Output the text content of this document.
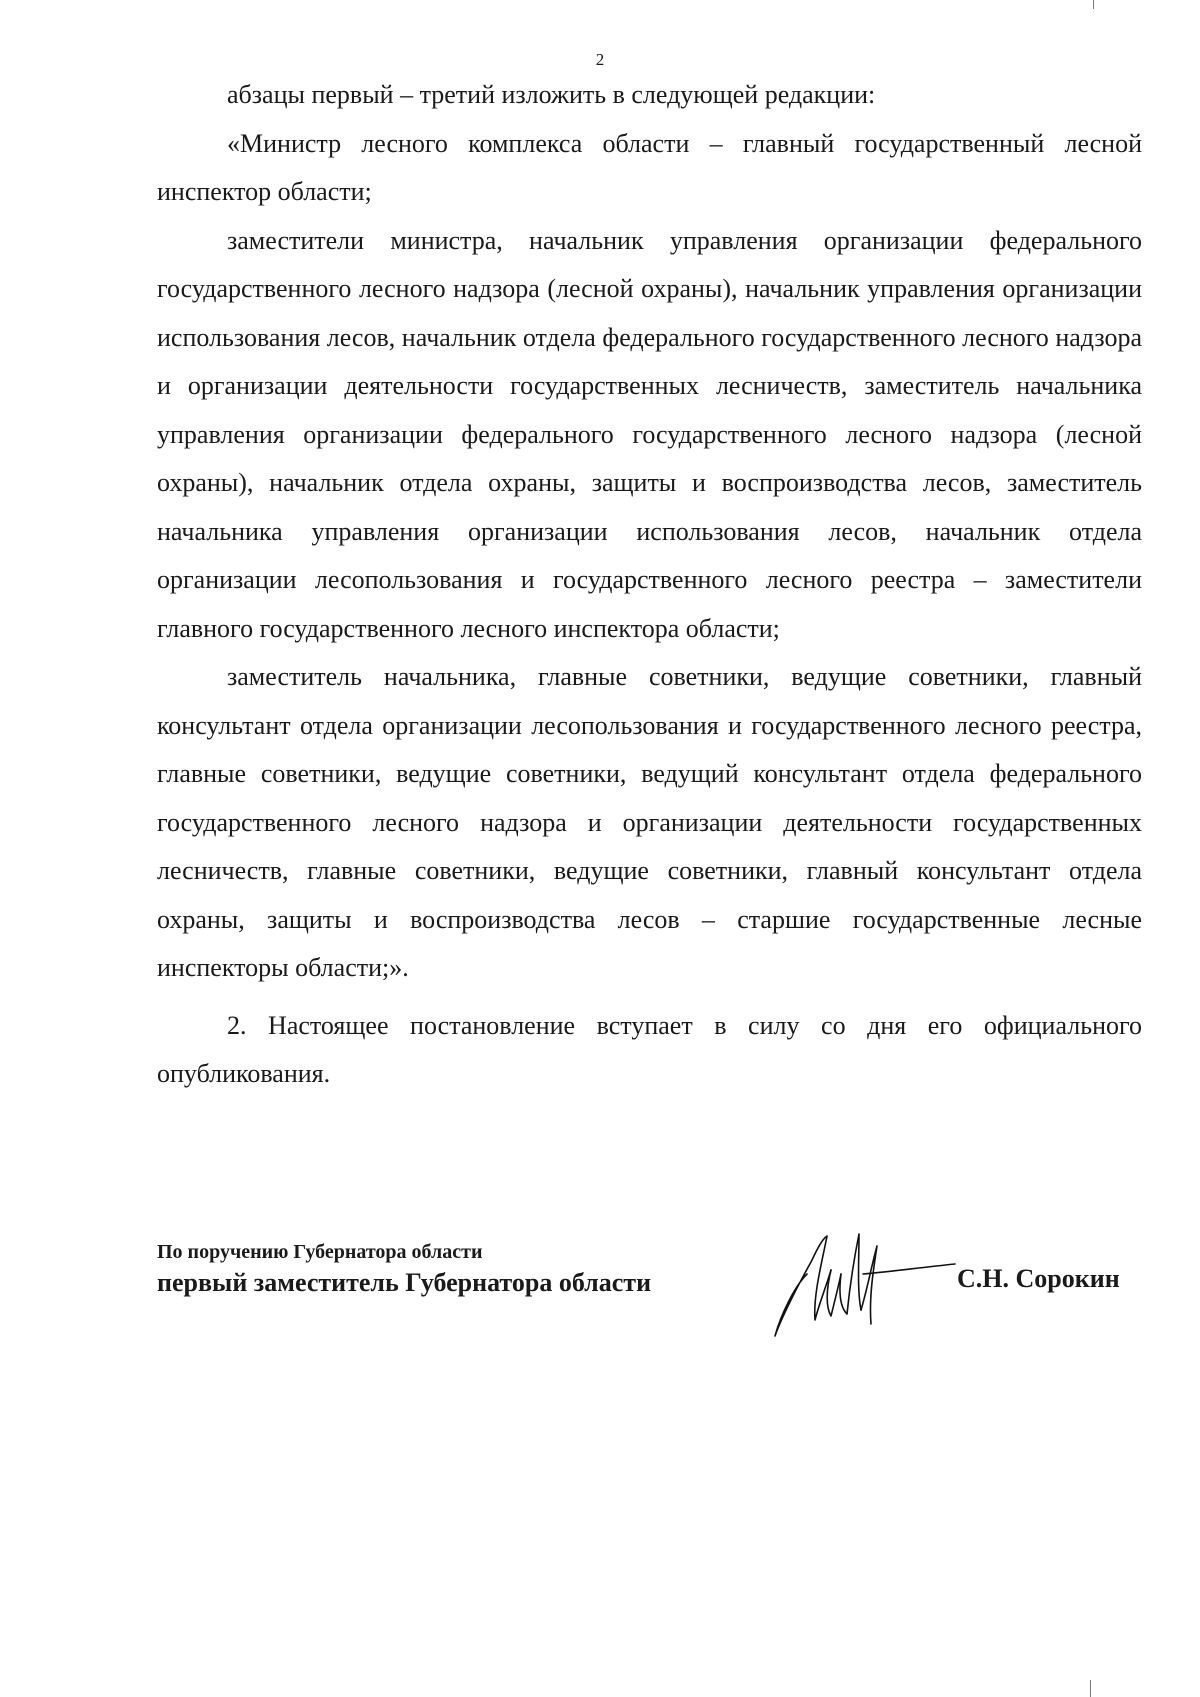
2

абзацы первый – третий изложить в следующей редакции:

«Министр лесного комплекса области – главный государственный лесной инспектор области;

заместители министра, начальник управления организации федерального государственного лесного надзора (лесной охраны), начальник управления организации использования лесов, начальник отдела федерального государственного лесного надзора и организации деятельности государственных лесничеств, заместитель начальника управления организации федерального государственного лесного надзора (лесной охраны), начальник отдела охраны, защиты и воспроизводства лесов, заместитель начальника управления организации использования лесов, начальник отдела организации лесопользования и государственного лесного реестра – заместители главного государственного лесного инспектора области;

заместитель начальника, главные советники, ведущие советники, главный консультант отдела организации лесопользования и государственного лесного реестра, главные советники, ведущие советники, ведущий консультант отдела федерального государственного лесного надзора и организации деятельности государственных лесничеств, главные советники, ведущие советники, главный консультант отдела охраны, защиты и воспроизводства лесов – старшие государственные лесные инспекторы области;».

2. Настоящее постановление вступает в силу со дня его официального опубликования.

По поручению Губернатора области
первый заместитель Губернатора области	С.Н. Сорокин
